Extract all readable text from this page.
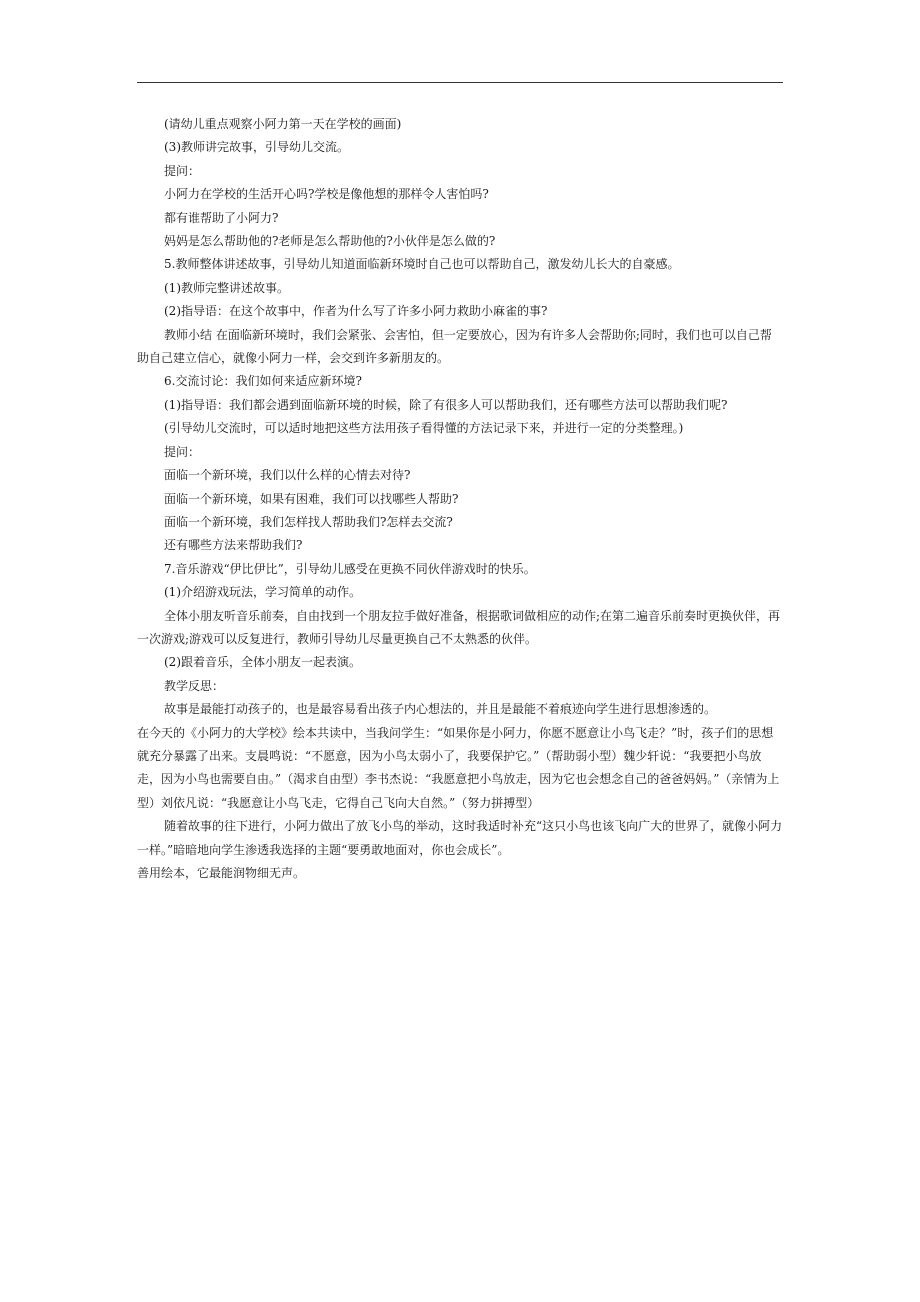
(请幼儿重点观察小阿力第一天在学校的画面)

(3)教师讲完故事，引导幼儿交流。

提问：

小阿力在学校的生活开心吗?学校是像他想的那样令人害怕吗?

都有谁帮助了小阿力?

妈妈是怎么帮助他的?老师是怎么帮助他的?小伙伴是怎么做的?

5.教师整体讲述故事，引导幼儿知道面临新环境时自己也可以帮助自己，激发幼儿长大的自豪感。

(1)教师完整讲述故事。

(2)指导语：在这个故事中，作者为什么写了许多小阿力救助小麻雀的事?

教师小结 在面临新环境时，我们会紧张、会害怕，但一定要放心，因为有许多人会帮助你;同时，我们也可以自己帮助自己建立信心，就像小阿力一样，会交到许多新朋友的。

6.交流讨论：我们如何来适应新环境?

(1)指导语：我们都会遇到面临新环境的时候，除了有很多人可以帮助我们，还有哪些方法可以帮助我们呢?

(引导幼儿交流时，可以适时地把这些方法用孩子看得懂的方法记录下来，并进行一定的分类整理。)

提问：

面临一个新环境，我们以什么样的心情去对待?

面临一个新环境，如果有困难，我们可以找哪些人帮助?

面临一个新环境，我们怎样找人帮助我们?怎样去交流?

还有哪些方法来帮助我们?

7.音乐游戏“伊比伊比”，引导幼儿感受在更换不同伙伴游戏时的快乐。

(1)介绍游戏玩法，学习简单的动作。

全体小朋友听音乐前奏，自由找到一个朋友拉手做好准备，根据歌词做相应的动作;在第二遍音乐前奏时更换伙伴，再一次游戏;游戏可以反复进行，教师引导幼儿尽量更换自己不太熟悉的伙伴。

(2)跟着音乐，全体小朋友一起表演。

教学反思：

故事是最能打动孩子的，也是最容易看出孩子内心想法的，并且是最能不着痕迹向学生进行思想渗透的。

在今天的《小阿力的大学校》绘本共读中，当我问学生：“如果你是小阿力，你愿不愿意让小鸟飞走？”时，孩子们的思想就充分暴露了出来。支晨鸣说：“不愿意，因为小鸟太弱小了，我要保护它。”（帮助弱小型）魏少轩说：“我要把小鸟放走，因为小鸟也需要自由。”（渴求自由型）李书杰说：“我愿意把小鸟放走，因为它也会想念自己的爸爸妈妈。”（亲情为上型）刘依凡说：“我愿意让小鸟飞走，它得自己飞向大自然。”（努力拼搏型）

随着故事的往下进行，小阿力做出了放飞小鸟的举动，这时我适时补充“这只小鸟也该飞向广大的世界了，就像小阿力一样。”暗暗地向学生渗透我选择的主题“要勇敢地面对，你也会成长”。

善用绘本，它最能润物细无声。
